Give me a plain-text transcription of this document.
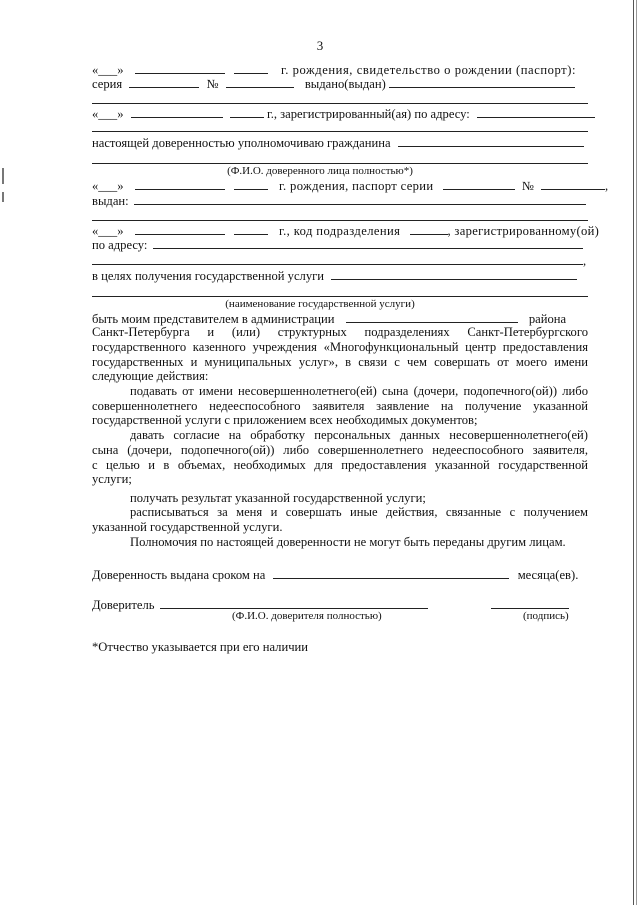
3
«___»	г. рождения, свидетельство о рождении (паспорт):
серия	№	выдано(выдан)
«___»	г., зарегистрированный(ая) по адресу:
настоящей доверенностью уполномочиваю гражданина
(Ф.И.О. доверенного лица полностью*)
«___»	г. рождения, паспорт серии	№	,
выдан:
«___»	г., код подразделения	, зарегистрированному(ой)
по адресу:
,
в целях получения государственной услуги
(наименование государственной услуги)
быть моим представителем в администрации	района
Санкт-Петербурга и (или) структурных подразделениях Санкт-Петербургского
государственного казенного учреждения «Многофункциональный центр предоставления
государственных и муниципальных услуг», в связи с чем совершать от моего имени
следующие действия:
подавать от имени несовершеннолетнего(ей) сына (дочери, подопечного(ой)) либо
совершеннолетнего недееспособного заявителя заявление на получение указанной
государственной услуги с приложением всех необходимых документов;
давать согласие на обработку персональных данных несовершеннолетнего(ей)
сына (дочери, подопечного(ой)) либо совершеннолетнего недееспособного заявителя,
с целью и в объемах, необходимых для предоставления указанной государственной
услуги;
получать результат указанной государственной услуги;
расписываться за меня и совершать иные действия, связанные с получением
указанной государственной услуги.
Полномочия по настоящей доверенности не могут быть переданы другим лицам.
Доверенность выдана сроком на	месяца(ев).
Доверитель
(Ф.И.О. доверителя полностью)	(подпись)
*Отчество указывается при его наличии
